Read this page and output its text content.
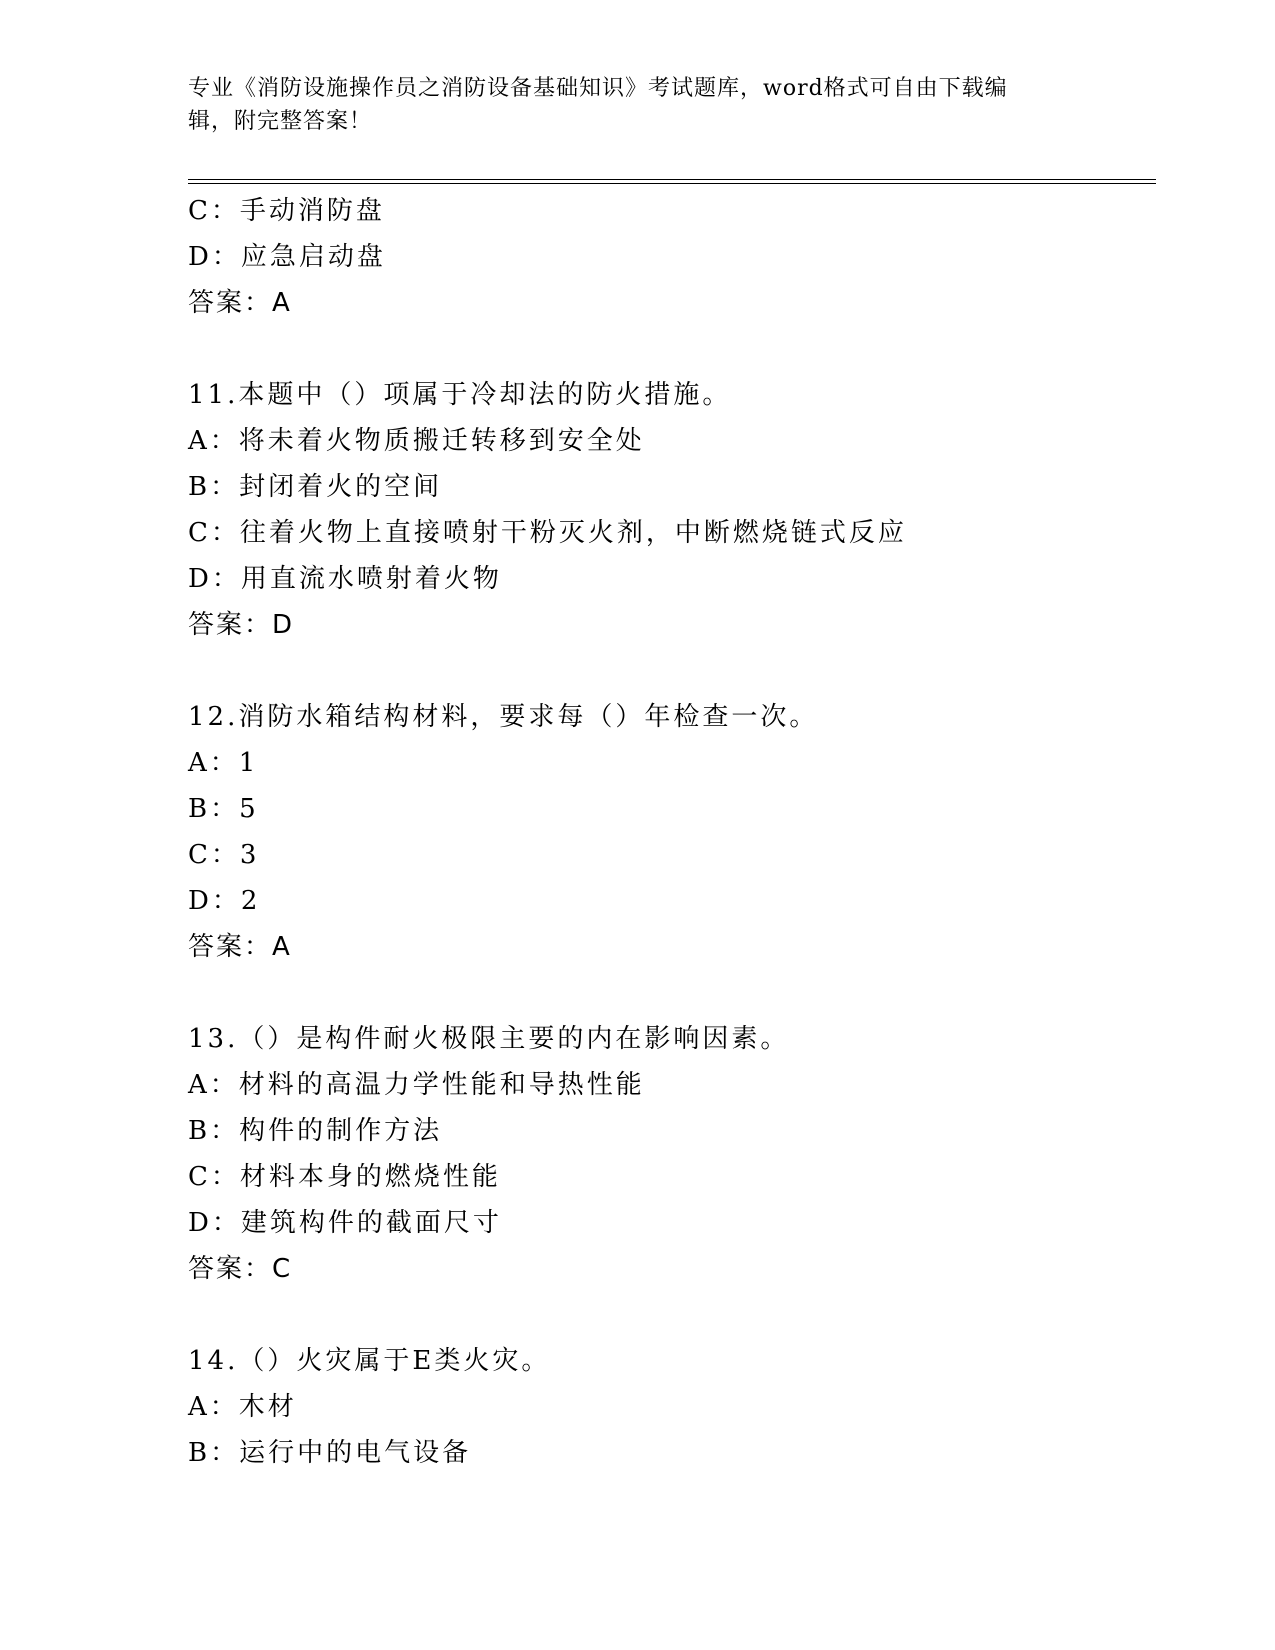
专业《消防设施操作员之消防设备基础知识》考试题库，word格式可自由下载编
辑，附完整答案！
C：手动消防盘
D：应急启动盘
答案：A
11.本题中（）项属于冷却法的防火措施。
A：将未着火物质搬迁转移到安全处
B：封闭着火的空间
C：往着火物上直接喷射干粉灭火剂，中断燃烧链式反应
D：用直流水喷射着火物
答案：D
12.消防水箱结构材料，要求每（）年检查一次。
A：1
B：5
C：3
D：2
答案：A
13.（）是构件耐火极限主要的内在影响因素。
A：材料的高温力学性能和导热性能
B：构件的制作方法
C：材料本身的燃烧性能
D：建筑构件的截面尺寸
答案：C
14.（）火灾属于E类火灾。
A：木材
B：运行中的电气设备
